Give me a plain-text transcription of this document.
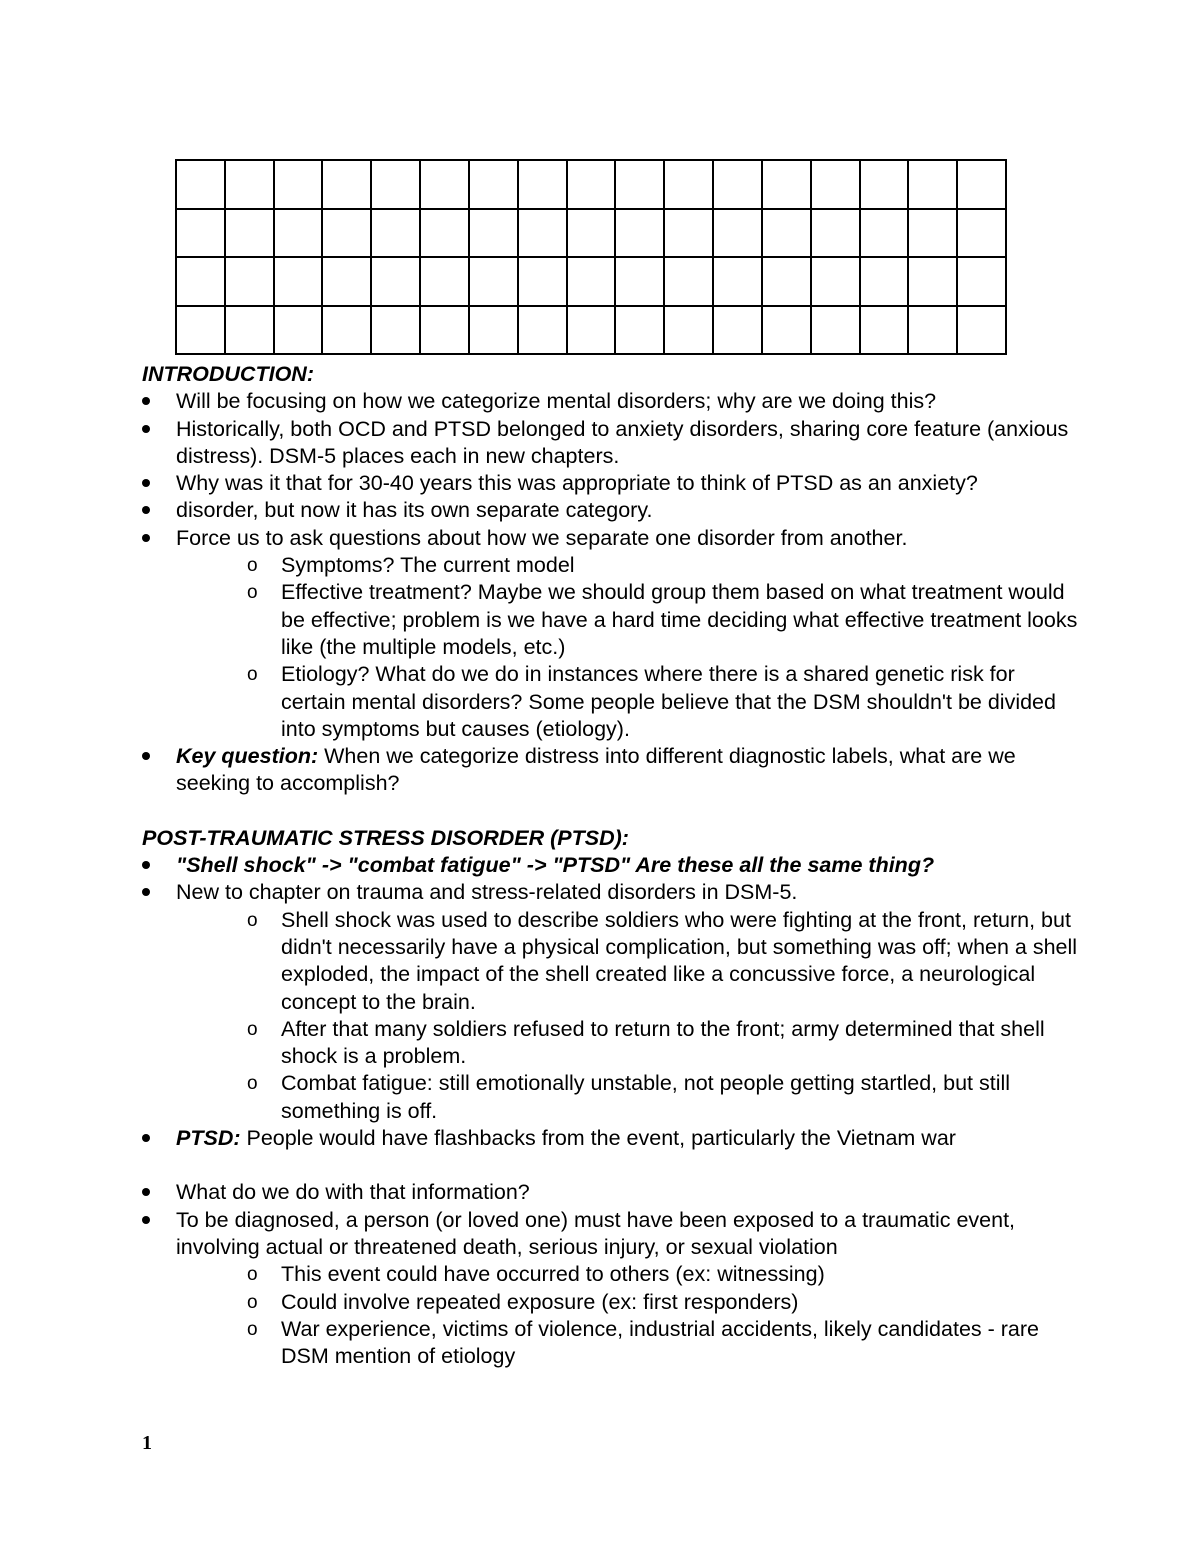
INTRODUCTION:

Will be focusing on how we categorize mental disorders; why are we doing this?
Historically, both OCD and PTSD belonged to anxiety disorders, sharing core feature (anxious distress). DSM-5 places each in new chapters.
Why was it that for 30-40 years this was appropriate to think of PTSD as an anxiety?
disorder, but now it has its own separate category.
Force us to ask questions about how we separate one disorder from another.
o Symptoms? The current model
o Effective treatment? Maybe we should group them based on what treatment would be effective; problem is we have a hard time deciding what effective treatment looks like (the multiple models, etc.)
o Etiology? What do we do in instances where there is a shared genetic risk for certain mental disorders? Some people believe that the DSM shouldn't be divided into symptoms but causes (etiology).
Key question: When we categorize distress into different diagnostic labels, what are we seeking to accomplish?

POST-TRAUMATIC STRESS DISORDER (PTSD):

"Shell shock" -> "combat fatigue" -> "PTSD" Are these all the same thing?
New to chapter on trauma and stress-related disorders in DSM-5.
o Shell shock was used to describe soldiers who were fighting at the front, return, but didn't necessarily have a physical complication, but something was off; when a shell exploded, the impact of the shell created like a concussive force, a neurological concept to the brain.
o After that many soldiers refused to return to the front; army determined that shell shock is a problem.
o Combat fatigue: still emotionally unstable, not people getting startled, but still something is off.
PTSD: People would have flashbacks from the event, particularly the Vietnam war
What do we do with that information?
To be diagnosed, a person (or loved one) must have been exposed to a traumatic event, involving actual or threatened death, serious injury, or sexual violation
o This event could have occurred to others (ex: witnessing)
o Could involve repeated exposure (ex: first responders)
o War experience, victims of violence, industrial accidents, likely candidates - rare DSM mention of etiology
1
